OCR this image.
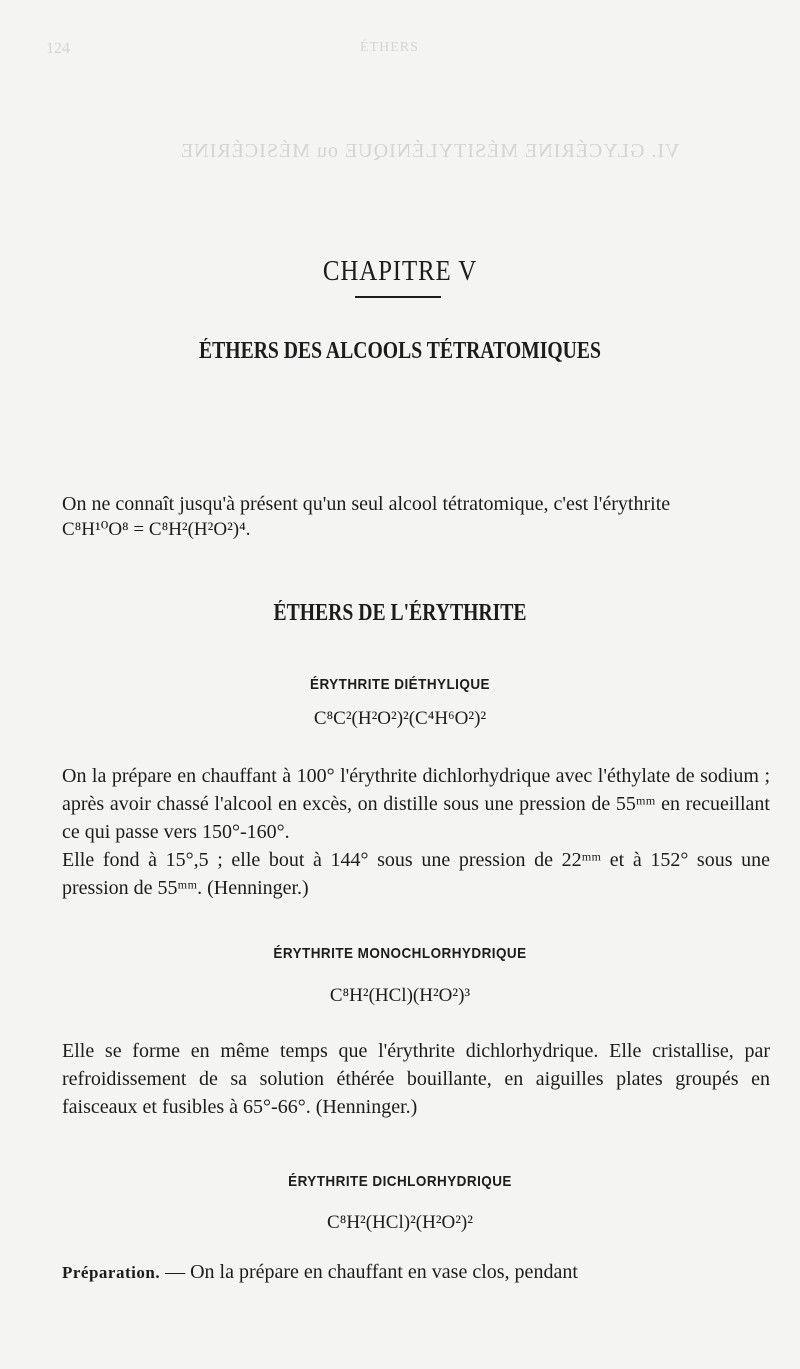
124	ÉTHERS
VI. GLYCÉRINE MÉSITYLÉNIQUE ou MÉSICÉRINE
CHAPITRE V
ÉTHERS DES ALCOOLS TÉTRATOMIQUES

On ne connaît jusqu'à présent qu'un seul alcool tétratomique, c'est l'érythrite

C⁸H¹⁰O⁸ = C⁸H²(H²O²)⁴.
ÉTHERS DE L'ÉRYTHRITE
ÉRYTHRITE DIÉTHYLIQUE
C⁸C²(H²O²)²(C⁴H⁶O²)²

On la prépare en chauffant à 100° l'érythrite dichlorhydrique avec l'éthylate de sodium ; après avoir chassé l'alcool en excès, on distille sous une pression de 55ᵐᵐ en recueillant ce qui passe vers 150°-160°.

Elle fond à 15°,5 ; elle bout à 144° sous une pression de 22ᵐᵐ et à 152° sous une pression de 55ᵐᵐ. (Henninger.)

ÉRYTHRITE MONOCHLORHYDRIQUE
C⁸H²(HCl)(H²O²)³

Elle se forme en même temps que l'érythrite dichlorhydrique. Elle cristallise, par refroidissement de sa solution éthérée bouillante, en aiguilles plates groupés en faisceaux et fusibles à 65°-66°. (Henninger.)

ÉRYTHRITE DICHLORHYDRIQUE
C⁸H²(HCl)²(H²O²)²

Préparation. — On la prépare en chauffant en vase clos, pendant
